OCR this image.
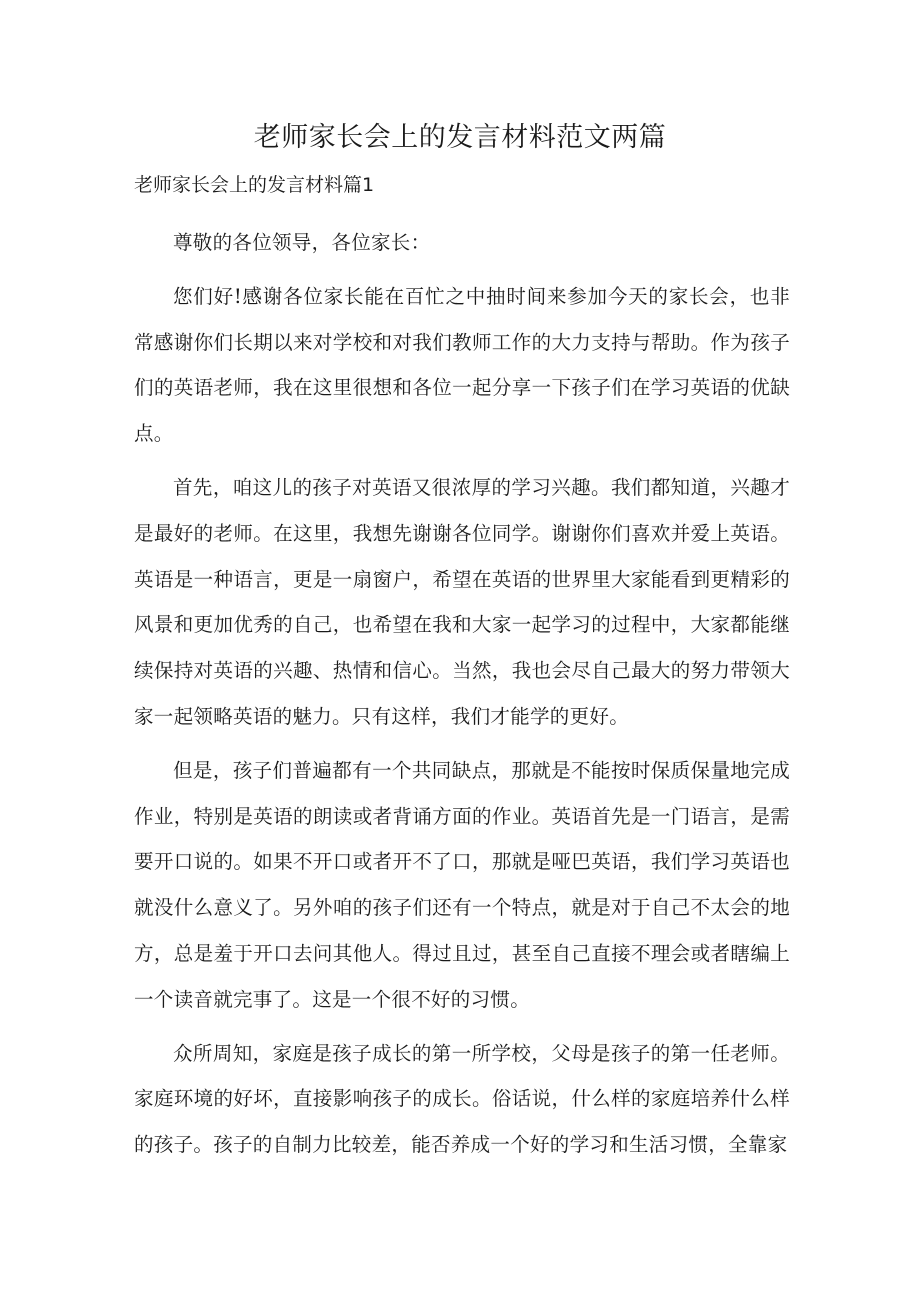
老师家长会上的发言材料范文两篇
老师家长会上的发言材料篇1

尊敬的各位领导，各位家长：

您们好!感谢各位家长能在百忙之中抽时间来参加今天的家长会，也非常感谢你们长期以来对学校和对我们教师工作的大力支持与帮助。作为孩子们的英语老师，我在这里很想和各位一起分享一下孩子们在学习英语的优缺点。

首先，咱这儿的孩子对英语又很浓厚的学习兴趣。我们都知道，兴趣才是最好的老师。在这里，我想先谢谢各位同学。谢谢你们喜欢并爱上英语。英语是一种语言，更是一扇窗户，希望在英语的世界里大家能看到更精彩的风景和更加优秀的自己，也希望在我和大家一起学习的过程中，大家都能继续保持对英语的兴趣、热情和信心。当然，我也会尽自己最大的努力带领大家一起领略英语的魅力。只有这样，我们才能学的更好。

但是，孩子们普遍都有一个共同缺点，那就是不能按时保质保量地完成作业，特别是英语的朗读或者背诵方面的作业。英语首先是一门语言，是需要开口说的。如果不开口或者开不了口，那就是哑巴英语，我们学习英语也就没什么意义了。另外咱的孩子们还有一个特点，就是对于自己不太会的地方，总是羞于开口去问其他人。得过且过，甚至自己直接不理会或者瞎编上一个读音就完事了。这是一个很不好的习惯。

众所周知，家庭是孩子成长的第一所学校，父母是孩子的第一任老师。家庭环境的好坏，直接影响孩子的成长。俗话说，什么样的家庭培养什么样的孩子。孩子的自制力比较差，能否养成一个好的学习和生活习惯，全靠家
